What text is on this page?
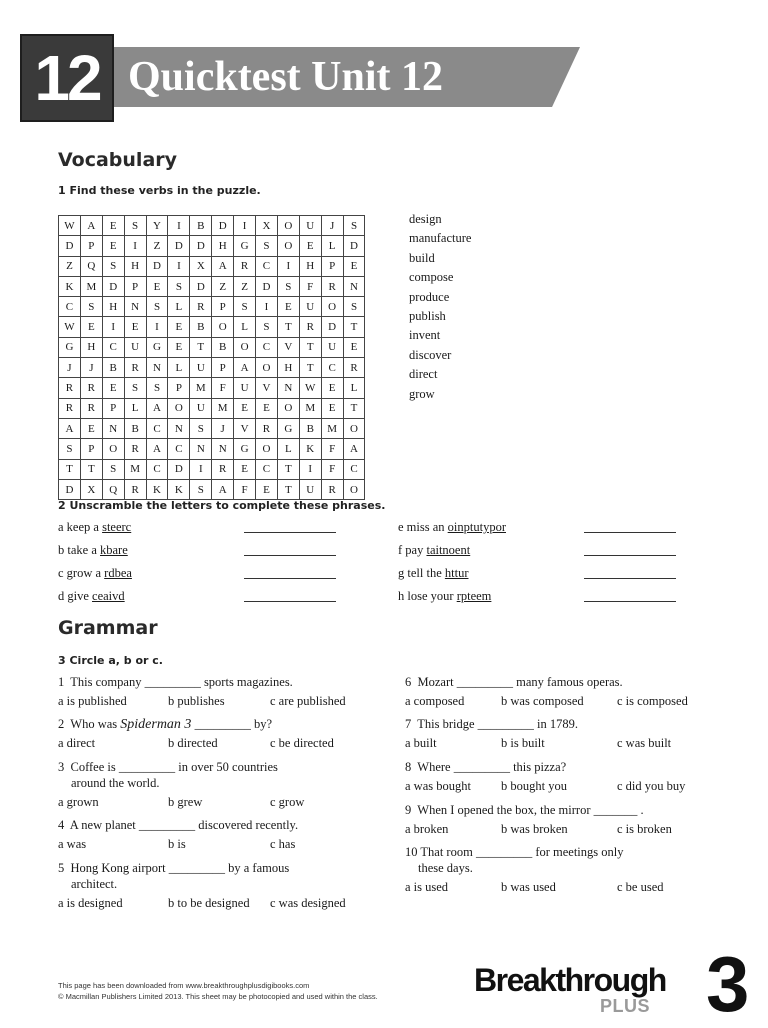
12 Quicktest Unit 12
Vocabulary

1 Find these verbs in the puzzle.

W	A	E	S	Y	I	B	D	I	X	O	U	J	S
D	P	E	I	Z	D	D	H	G	S	O	E	L	D
Z	Q	S	H	D	I	X	A	R	C	I	H	P	E
K	M	D	P	E	S	D	Z	Z	D	S	F	R	N
C	S	H	N	S	L	R	P	S	I	E	U	O	S
W	E	I	E	I	E	B	O	L	S	T	R	D	T
G	H	C	U	G	E	T	B	O	C	V	T	U	E
J	J	B	R	N	L	U	P	A	O	H	T	C	R
R	R	E	S	S	P	M	F	U	V	N	W	E	L
R	R	P	L	A	O	U	M	E	E	O	M	E	T
A	E	N	B	C	N	S	J	V	R	G	B	M	O
S	P	O	R	A	C	N	N	G	O	L	K	F	A
T	T	S	M	C	D	I	R	E	C	T	I	F	C
D	X	Q	R	K	K	S	A	F	E	T	U	R	O
design
manufacture
build
compose
produce
publish
invent
discover
direct
grow

2 Unscramble the letters to complete these phrases.

a keep a steerc
b take a kbare
c grow a rdbea
d give ceaivd
e miss an oinptutypor
f pay taitnoent
g tell the httur
h lose your rpteem
Grammar

3 Circle a, b or c.

1  This company _________ sports magazines.
a is published	b publishes	c are published
2  Who was Spiderman 3 _________ by?
a direct	b directed	c be directed
3  Coffee is _________ in over 50 countries
around the world.
a grown	b grew	c grow
4  A new planet _________ discovered recently.
a was	b is	c has
5  Hong Kong airport _________ by a famous
architect.
a is designed	b to be designed c was designed
6  Mozart _________ many famous operas.
a composed	b was composed	c is composed
7  This bridge _________ in 1789.
a built	b is built	c was built
8  Where _________ this pizza?
a was bought b bought you	c did you buy
9  When I opened the box, the mirror _______ .
a broken	b was broken	c is broken
10 That room _________ for meetings only
these days.
a is used	b was used	c be used
This page has been downloaded from www.breakthroughplusdigibooks.com
© Macmillan Publishers Limited 2013. This sheet may be photocopied and used within the class.	Breakthrough
PLUS 3
